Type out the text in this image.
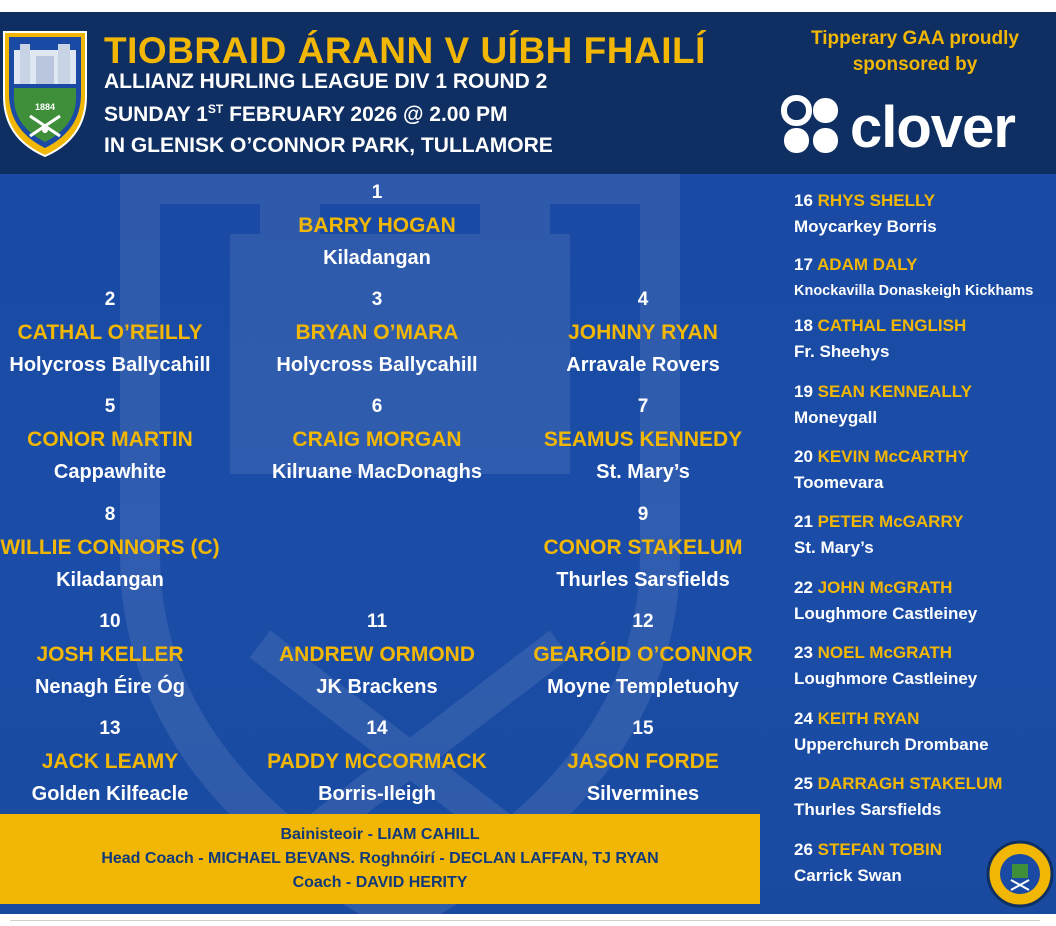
1884
TIOBRAID ÁRANN V UÍBH FHAILÍ
ALLIANZ HURLING LEAGUE DIV 1 ROUND 2
SUNDAY 1ST FEBRUARY 2026 @ 2.00 PM
IN GLENISK O’CONNOR PARK, TULLAMORE
Tipperary GAA proudly
sponsored by
clover
1
BARRY HOGAN
Kiladangan
2
CATHAL O’REILLY
Holycross Ballycahill
3
BRYAN O’MARA
Holycross Ballycahill
4
JOHNNY RYAN
Arravale Rovers
5
CONOR MARTIN
Cappawhite
6
CRAIG MORGAN
Kilruane MacDonaghs
7
SEAMUS KENNEDY
St. Mary’s
8
WILLIE CONNORS (C)
Kiladangan
9
CONOR STAKELUM
Thurles Sarsfields
10
JOSH KELLER
Nenagh Éire Óg
11
ANDREW ORMOND
JK Brackens
12
GEARÓID O’CONNOR
Moyne Templetuohy
13
JACK LEAMY
Golden Kilfeacle
14
PADDY MCCORMACK
Borris-Ileigh
15
JASON FORDE
Silvermines
16 RHYS SHELLY
Moycarkey Borris
17 ADAM DALY
Knockavilla Donaskeigh Kickhams
18 CATHAL ENGLISH
Fr. Sheehys
19 SEAN KENNEALLY
Moneygall
20 KEVIN McCARTHY
Toomevara
21 PETER McGARRY
St. Mary’s
22 JOHN McGRATH
Loughmore Castleiney
23 NOEL McGRATH
Loughmore Castleiney
24 KEITH RYAN
Upperchurch Drombane
25 DARRAGH STAKELUM
Thurles Sarsfields
26 STEFAN TOBIN
Carrick Swan
Bainisteoir - LIAM CAHILL
Head Coach - MICHAEL BEVANS. Roghnóirí - DECLAN LAFFAN, TJ RYAN
Coach - DAVID HERITY
